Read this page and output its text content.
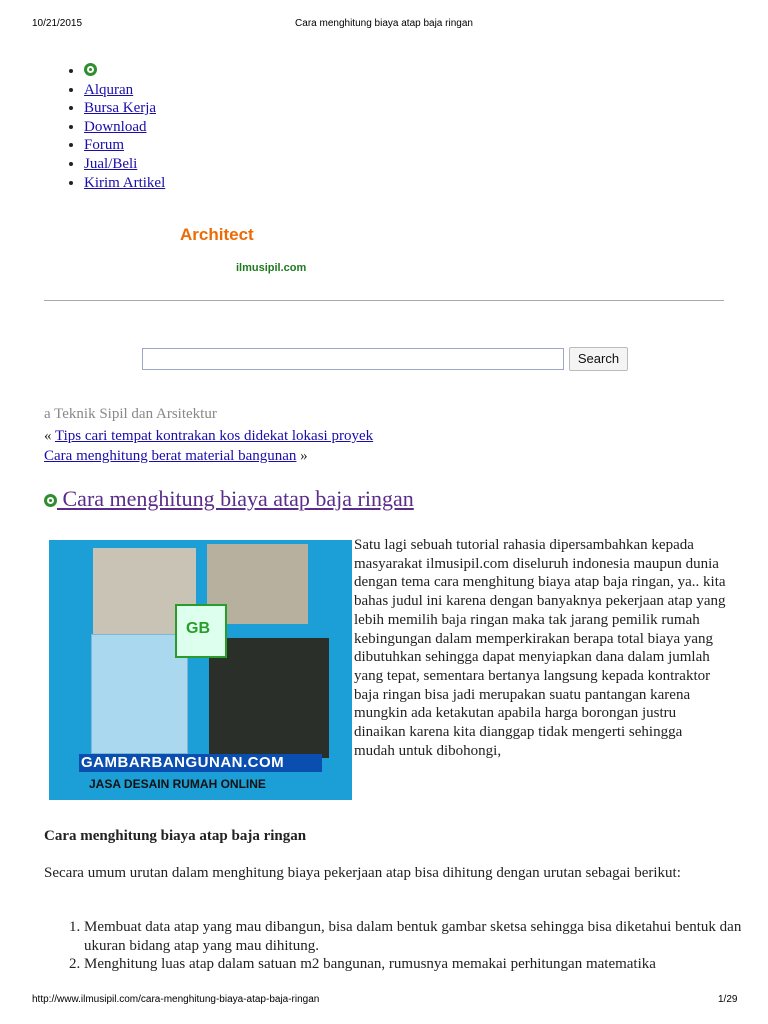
10/21/2015	Cara menghitung biaya atap baja ringan
•
• Alquran
• Bursa Kerja
• Download
• Forum
• Jual/Beli
• Kirim Artikel
Architect
ilmusipil.com
Search
a Teknik Sipil dan Arsitektur
« Tips cari tempat kontrakan kos didekat lokasi proyek
Cara menghitung berat material bangunan »
Cara menghitung biaya atap baja ringan
GB
GAMBARBANGUNAN.COM
JASA DESAIN RUMAH ONLINE

Satu lagi sebuah tutorial rahasia dipersambahkan kepada masyarakat ilmusipil.com diseluruh indonesia maupun dunia dengan tema cara menghitung biaya atap baja ringan, ya.. kita bahas judul ini karena dengan banyaknya pekerjaan atap yang lebih memilih baja ringan maka tak jarang pemilik rumah kebingungan dalam memperkirakan berapa total biaya yang dibutuhkan sehingga dapat menyiapkan dana dalam jumlah yang tepat, sementara bertanya langsung kepada kontraktor baja ringan bisa jadi merupakan suatu pantangan karena mungkin ada ketakutan apabila harga borongan justru dinaikan karena kita dianggap tidak mengerti sehingga mudah untuk dibohongi,

Cara menghitung biaya atap baja ringan

Secara umum urutan dalam menghitung biaya pekerjaan atap bisa dihitung dengan urutan sebagai berikut:

1. Membuat data atap yang mau dibangun, bisa dalam bentuk gambar sketsa sehingga bisa diketahui bentuk dan ukuran bidang atap yang mau dihitung.
2. Menghitung luas atap dalam satuan m2 bangunan, rumusnya memakai perhitungan matematika
http://www.ilmusipil.com/cara-menghitung-biaya-atap-baja-ringan	1/29
